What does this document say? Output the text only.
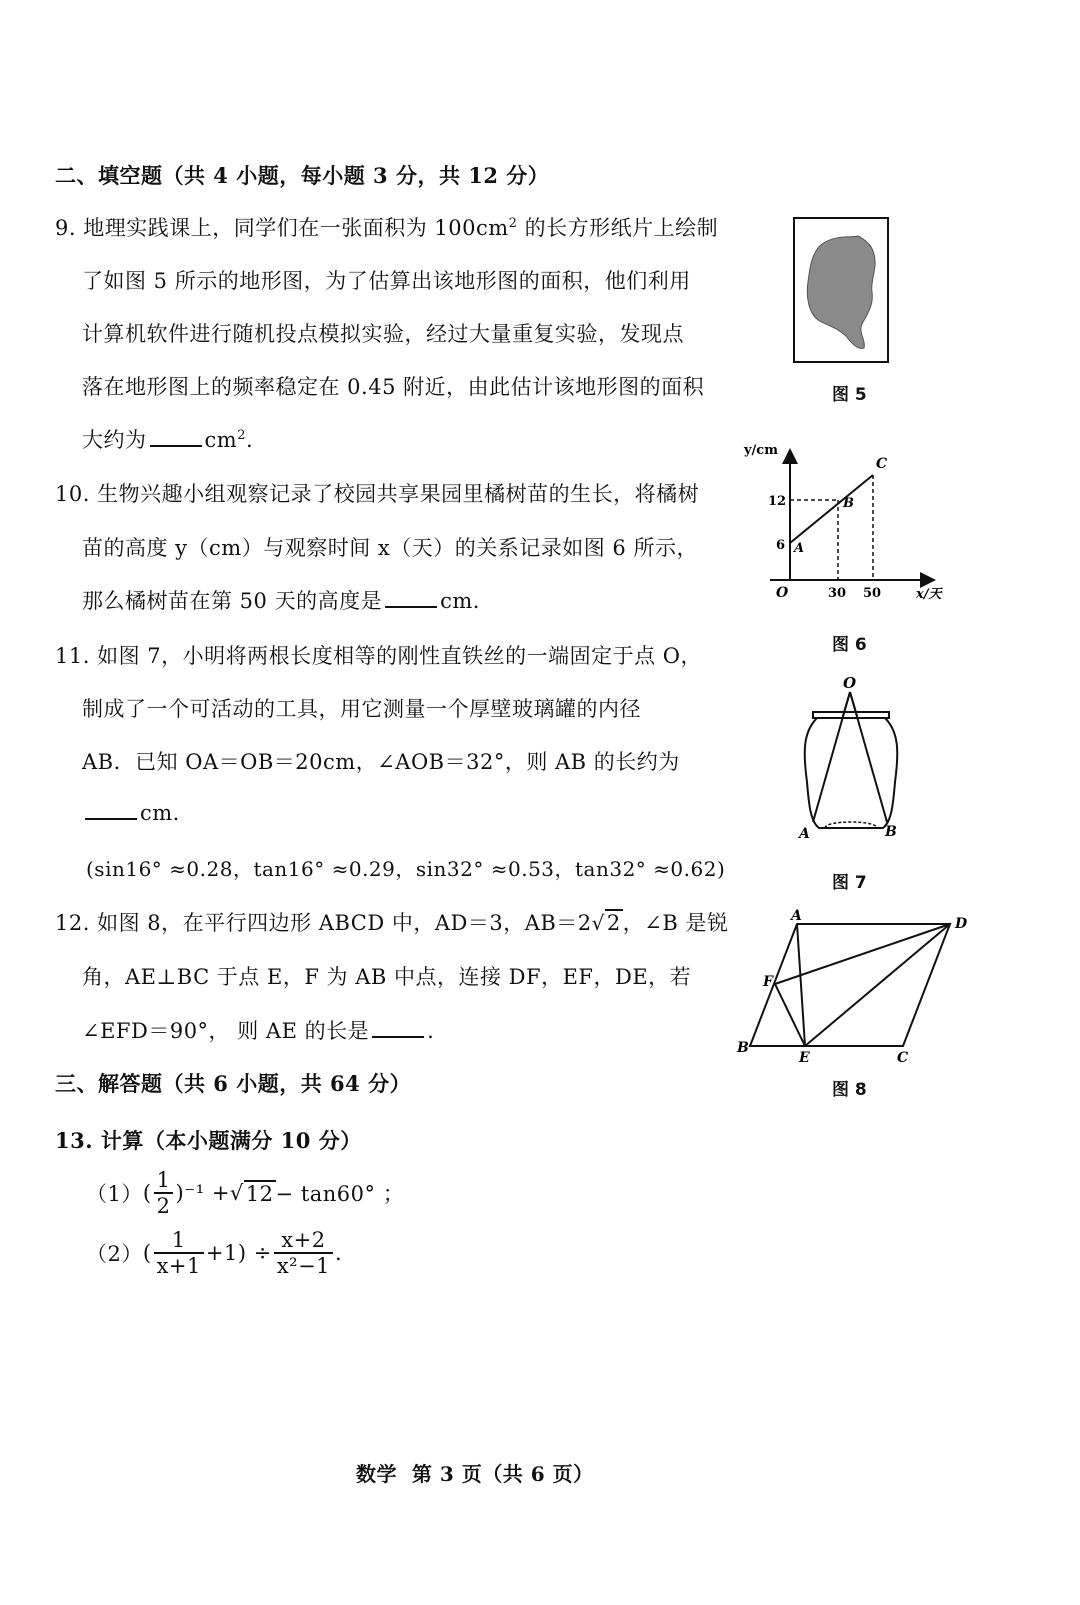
二、填空题（共 4 小题，每小题 3 分，共 12 分）
9. 地理实践课上，同学们在一张面积为 $100cm^2$ 的长方形纸片上绘制
了如图 5 所示的地形图，为了估算出该地形图的面积，他们利用
计算机软件进行随机投点模拟实验，经过大量重复实验，发现点
落在地形图上的频率稳定在 0.45 附近，由此估计该地形图的面积
大约为	$cm^2$.
10. 生物兴趣小组观察记录了校园共享果园里橘树苗的生长，将橘树
苗的高度 y（cm）与观察时间 x（天）的关系记录如图 6 所示，
那么橘树苗在第 50 天的高度是	cm.
11. 如图 7，小明将两根长度相等的刚性直铁丝的一端固定于点 O，
制成了一个可活动的工具，用它测量一个厚壁玻璃罐的内径
AB．已知 OA＝OB＝20cm，∠AOB＝32°，则 AB 的长约为
cm.
(sin16° ≈0.28，tan16° ≈0.29，sin32° ≈0.53，tan32° ≈0.62)
12. 如图 8，在平行四边形 ABCD 中，AD＝3，AB＝2√2，∠B 是锐
角，AE⊥BC 于点 E，F 为 AB 中点，连接 DF，EF，DE，若
∠EFD＝90°， 则 AE 的长是	.
三、解答题（共 6 小题，共 64 分）
13. 计算（本小题满分 10 分）
（1） ( $\frac{1}{2} )^{-1}$ + √ 12 − tan60° ；
（2） ( $\frac{1}{x+1} +1) \div \frac{x+2}{\text{x²−1}}$ .
图 5
y/cm
x/天
O
12
6
30 50
A
B
C
图 6
O
A	B
图 7
A	D
F
B
E	C
图 8
数学  第 3 页（共 6 页）
